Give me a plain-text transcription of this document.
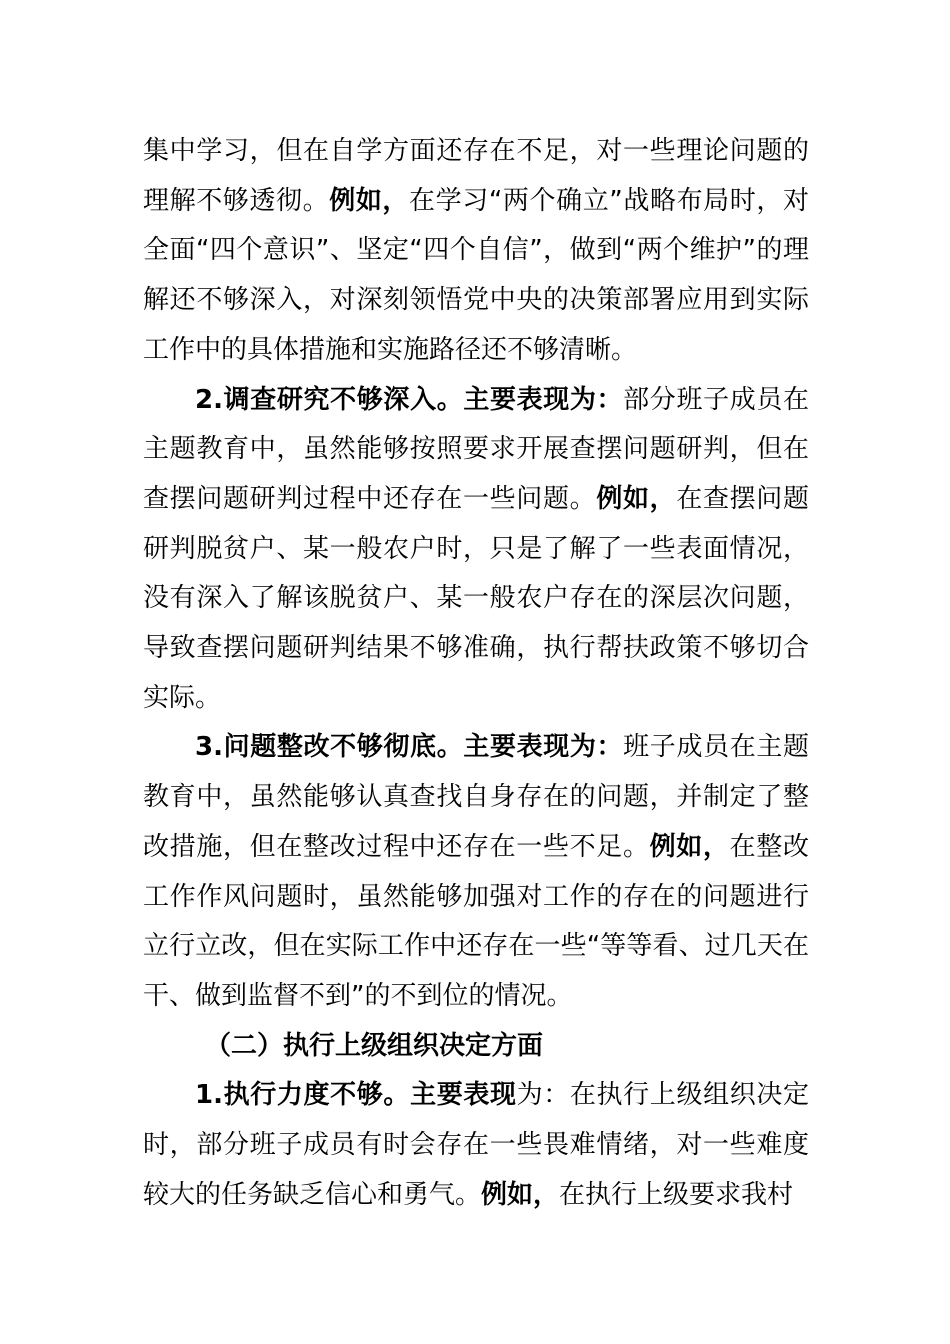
集中学习，但在自学方面还存在不足，对一些理论问题的理解不够透彻。例如，在学习“两个确立”战略布局时，对全面“四个意识”、坚定“四个自信”，做到“两个维护”的理解还不够深入，对深刻领悟党中央的决策部署应用到实际工作中的具体措施和实施路径还不够清晰。

2.调查研究不够深入。主要表现为：部分班子成员在主题教育中，虽然能够按照要求开展查摆问题研判，但在查摆问题研判过程中还存在一些问题。例如，在查摆问题研判脱贫户、某一般农户时，只是了解了一些表面情况，没有深入了解该脱贫户、某一般农户存在的深层次问题，导致查摆问题研判结果不够准确，执行帮扶政策不够切合实际。

3.问题整改不够彻底。主要表现为：班子成员在主题教育中，虽然能够认真查找自身存在的问题，并制定了整改措施，但在整改过程中还存在一些不足。例如，在整改工作作风问题时，虽然能够加强对工作的存在的问题进行立行立改，但在实际工作中还存在一些“等等看、过几天在干、做到监督不到”的不到位的情况。

（二）执行上级组织决定方面

1.执行力度不够。主要表现为：在执行上级组织决定时，部分班子成员有时会存在一些畏难情绪，对一些难度较大的任务缺乏信心和勇气。例如，在执行上级要求我村
